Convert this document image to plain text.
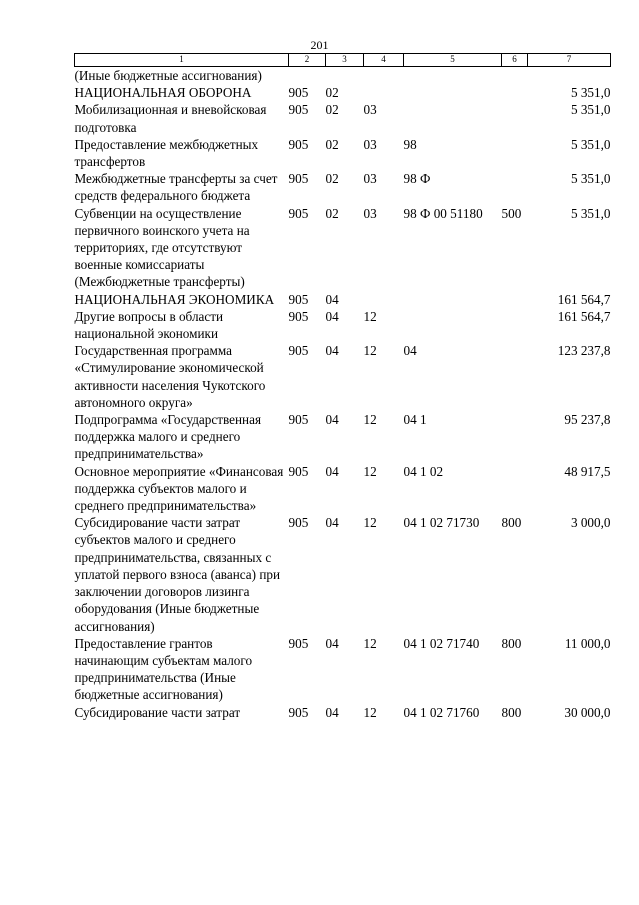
201
1	2	3	4	5	6	7
(Иные бюджетные ассигнования)						
НАЦИОНАЛЬНАЯ ОБОРОНА	905	02				5 351,0
Мобилизационная и вневойсковая подготовка	905	02	03			5 351,0
Предоставление межбюджетных трансфертов	905	02	03	98		5 351,0
Межбюджетные трансферты за счет средств федерального бюджета	905	02	03	98 Ф		5 351,0
Субвенции на осуществление первичного воинского учета на территориях, где отсутствуют военные комиссариаты (Межбюджетные трансферты)	905	02	03	98 Ф 00 51180	500	5 351,0
НАЦИОНАЛЬНАЯ ЭКОНОМИКА	905	04				161 564,7
Другие вопросы в области национальной экономики	905	04	12			161 564,7
Государственная программа «Стимулирование экономической активности населения Чукотского автономного округа»	905	04	12	04		123 237,8
Подпрограмма «Государственная поддержка малого и среднего предпринимательства»	905	04	12	04 1		95 237,8
Основное мероприятие «Финансовая поддержка субъектов малого и среднего предпринимательства»	905	04	12	04 1 02		48 917,5
Субсидирование части затрат субъектов малого и среднего предпринимательства, связанных с уплатой первого взноса (аванса) при заключении договоров лизинга оборудования (Иные бюджетные ассигнования)	905	04	12	04 1 02 71730	800	3 000,0
Предоставление грантов начинающим субъектам малого предпринимательства (Иные бюджетные ассигнования)	905	04	12	04 1 02 71740	800	11 000,0
Субсидирование части затрат	905	04	12	04 1 02 71760	800	30 000,0
